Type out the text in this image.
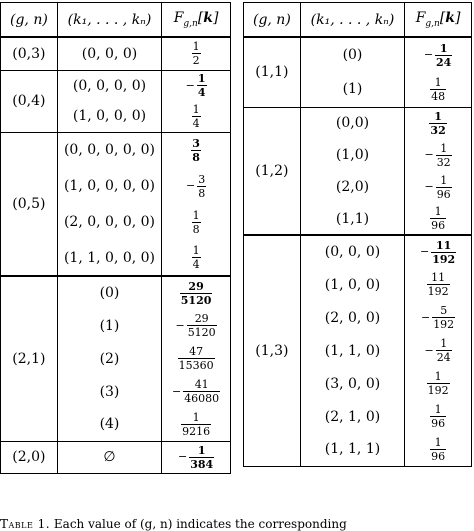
(g, n)	(k₁, . . . , kₙ)	$F_{g,n}[k]$
(0,3)	(0, 0, 0)	$\frac{1}{2}$

(0,4)	(0, 0, 0, 0)	− $\frac{1}{4}$

	(1, 0, 0, 0)	$\frac{1}{4}$

(0,5)	(0, 0, 0, 0, 0)	$\frac{3}{8}$

	(1, 0, 0, 0, 0)	− $\frac{3}{8}$

	(2, 0, 0, 0, 0)	$\frac{1}{8}$

	(1, 1, 0, 0, 0)	$\frac{1}{4}$

(2,1)	(0)	$\frac{29}{5120}$

	(1)	− $\frac{29}{5120}$

	(2)	$\frac{47}{15360}$

	(3)	− $\frac{41}{46080}$

	(4)	$\frac{1}{9216}$

(2,0)	∅	− $\frac{1}{384}$
(g, n)	(k₁, . . . , kₙ)	$F_{g,n}[k]$
(1,1)	(0)	− $\frac{1}{24}$

	(1)	$\frac{1}{48}$

(1,2)	(0,0)	$\frac{1}{32}$

	(1,0)	− $\frac{1}{32}$

	(2,0)	− $\frac{1}{96}$

	(1,1)	$\frac{1}{96}$

(1,3)	(0, 0, 0)	− $\frac{11}{192}$

	(1, 0, 0)	$\frac{11}{192}$

	(2, 0, 0)	− $\frac{5}{192}$

	(1, 1, 0)	− $\frac{1}{24}$

	(3, 0, 0)	$\frac{1}{192}$

	(2, 1, 0)	$\frac{1}{96}$

	(1, 1, 1)	$\frac{1}{96}$
Table 1. Each value of (g, n) indicates the corresponding
